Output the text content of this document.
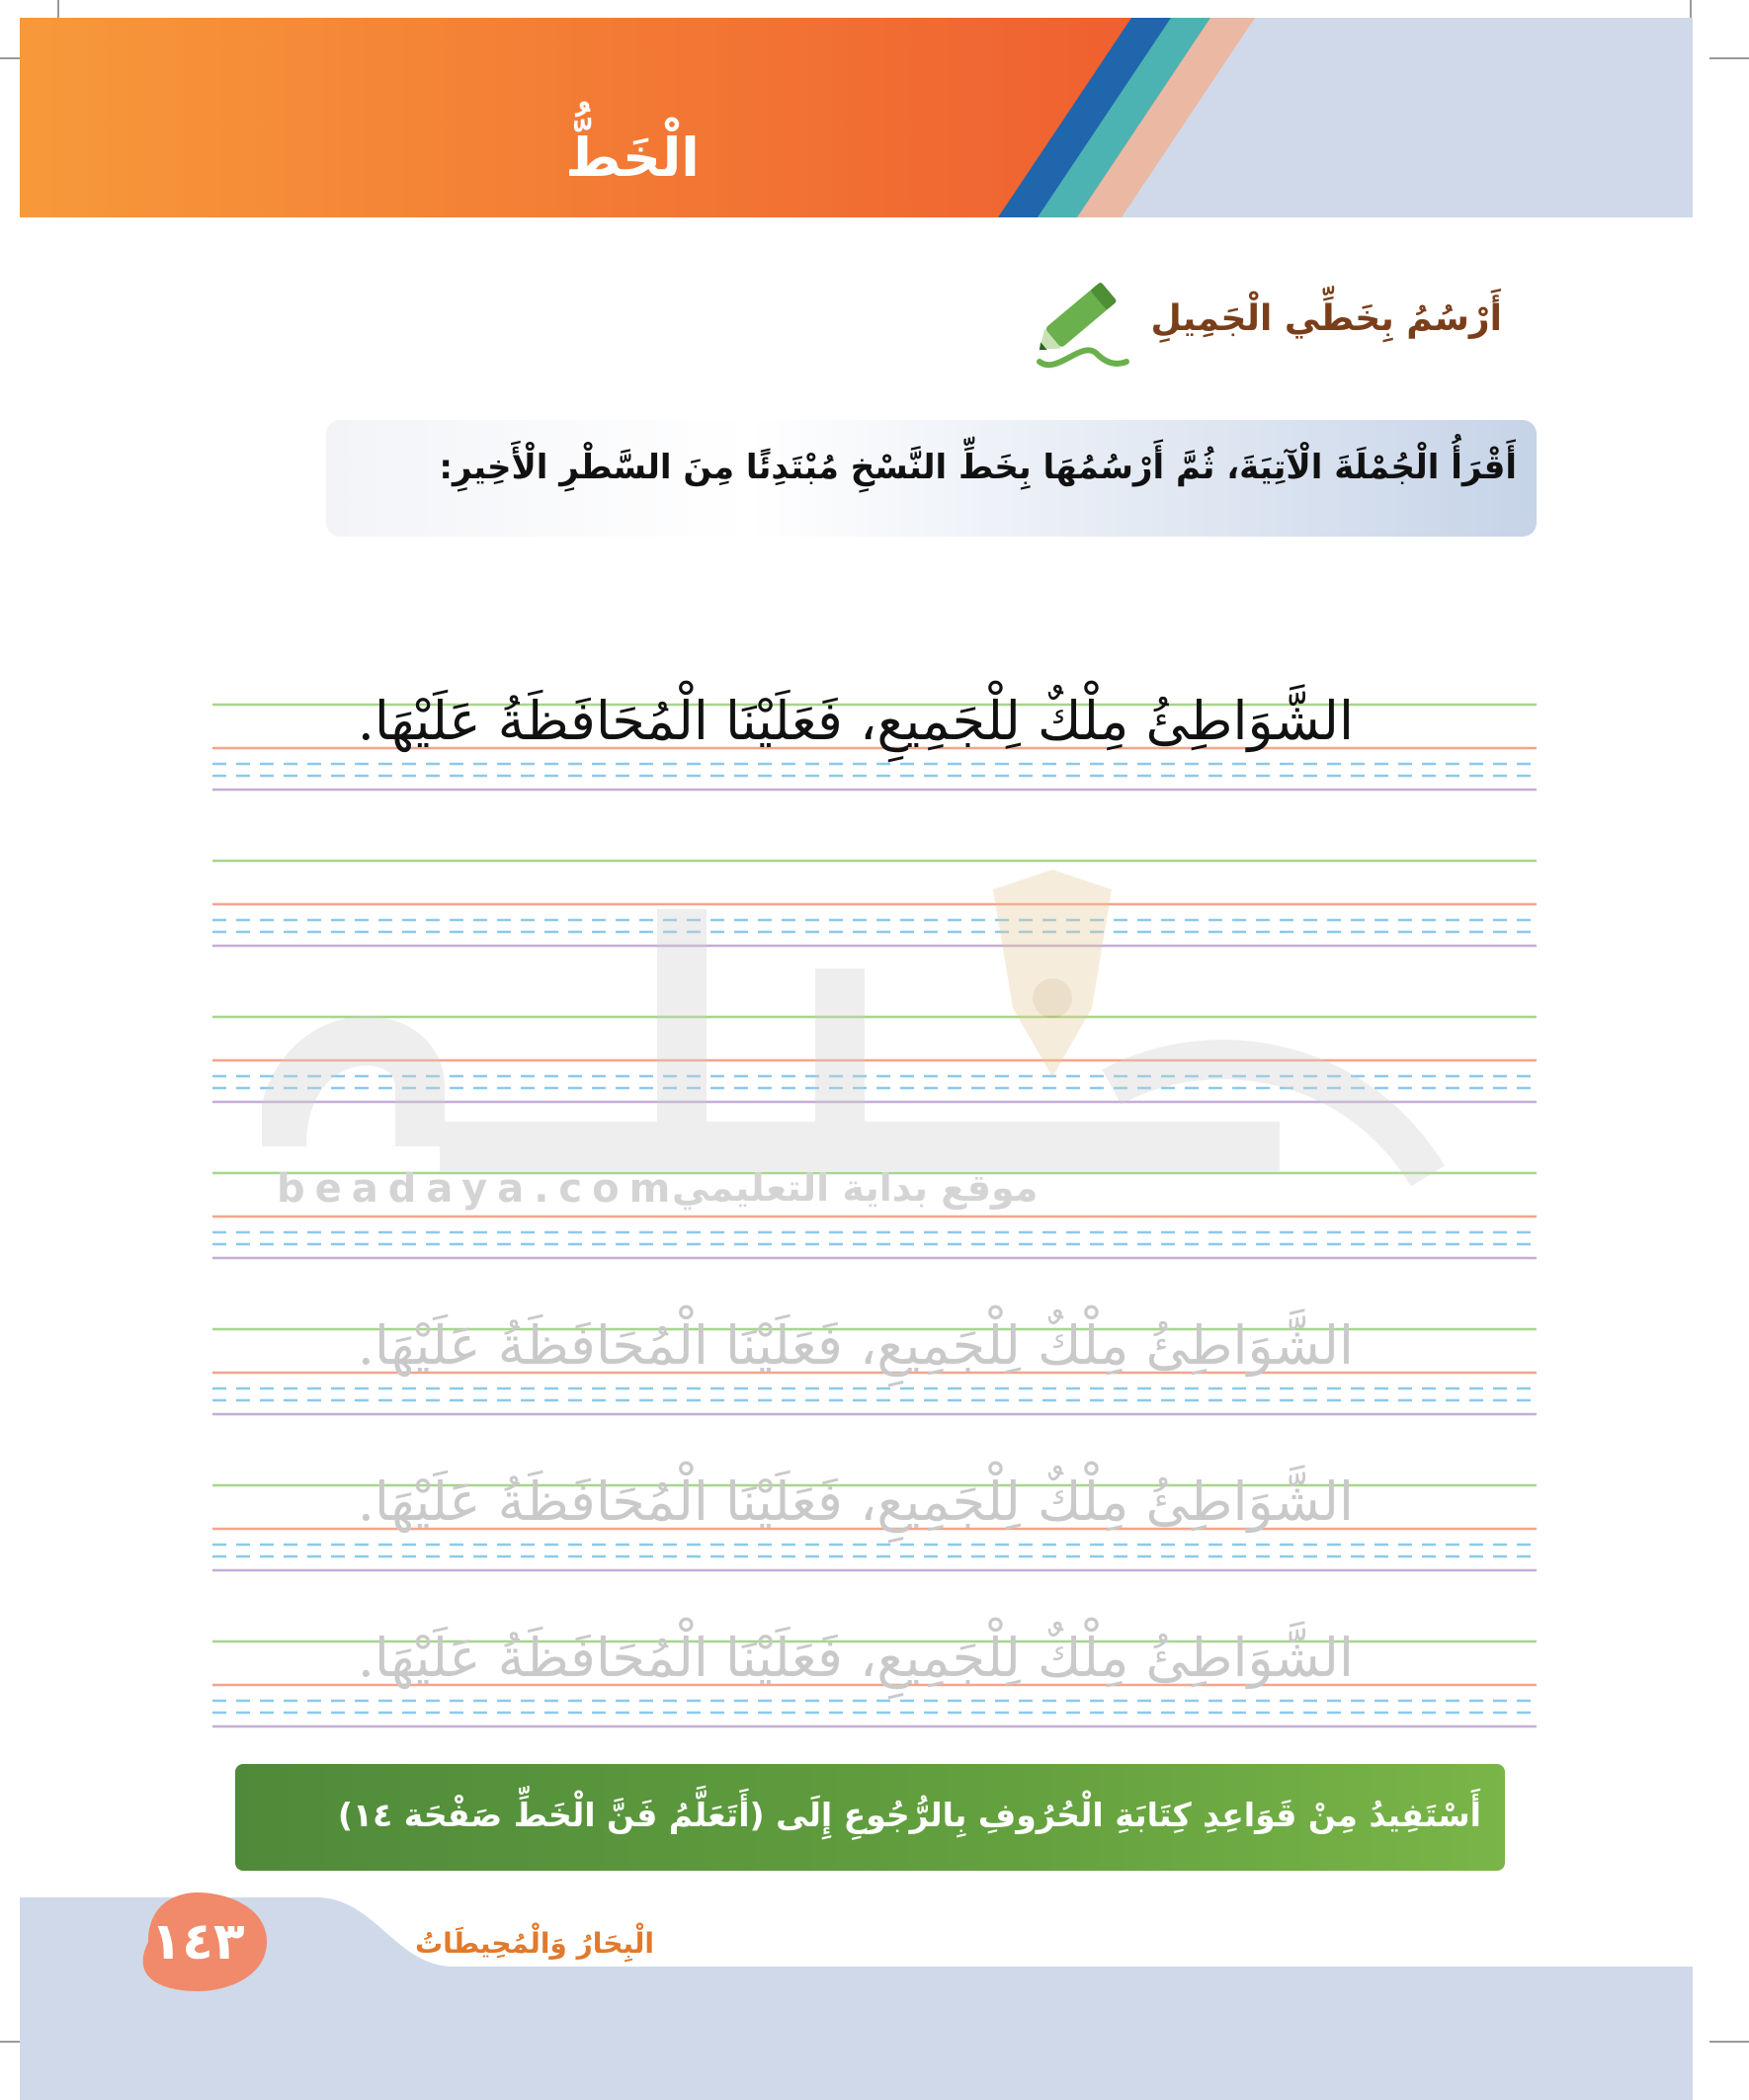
الْخَطُّ
أَرْسُمُ بِخَطِّي الْجَمِيلِ
أَقْرَأُ الْجُمْلَةَ الْآتِيَةَ، ثُمَّ أَرْسُمُهَا بِخَطِّ النَّسْخِ مُبْتَدِئًا مِنَ السَّطْرِ الْأَخِيرِ:
beadaya.com
موقع بداية التعليمي
الشَّوَاطِئُ مِلْكٌ لِلْجَمِيعِ، فَعَلَيْنَا الْمُحَافَظَةُ عَلَيْهَا.
الشَّوَاطِئُ مِلْكٌ لِلْجَمِيعِ، فَعَلَيْنَا الْمُحَافَظَةُ عَلَيْهَا.
الشَّوَاطِئُ مِلْكٌ لِلْجَمِيعِ، فَعَلَيْنَا الْمُحَافَظَةُ عَلَيْهَا.
الشَّوَاطِئُ مِلْكٌ لِلْجَمِيعِ، فَعَلَيْنَا الْمُحَافَظَةُ عَلَيْهَا.
أَسْتَفِيدُ مِنْ قَوَاعِدِ كِتَابَةِ الْحُرُوفِ بِالرُّجُوعِ إِلَى (أَتَعَلَّمُ فَنَّ الْخَطِّ صَفْحَة ١٤)
١٤٣	الْبِحَارُ وَالْمُحِيطَاتُ
